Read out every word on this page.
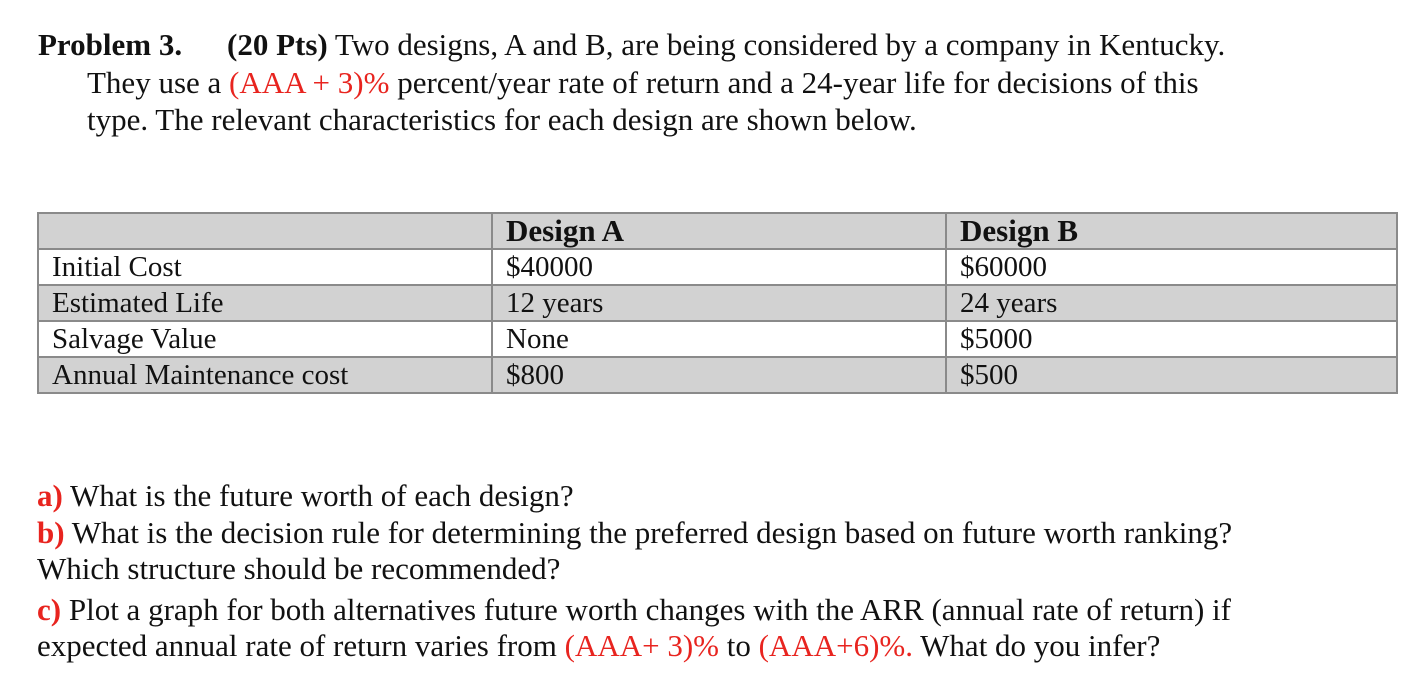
Problem 3. (20 Pts) Two designs, A and B, are being considered by a company in Kentucky.
They use a (AAA + 3)% percent/year rate of return and a 24-year life for decisions of this
type. The relevant characteristics for each design are shown below.
	Design A	Design B
Initial Cost	$40000	$60000
Estimated Life	12 years	24 years
Salvage Value	None	$5000
Annual Maintenance cost	$800	$500
a) What is the future worth of each design?
b) What is the decision rule for determining the preferred design based on future worth ranking?
Which structure should be recommended?
c) Plot a graph for both alternatives future worth changes with the ARR (annual rate of return) if
expected annual rate of return varies from (AAA+ 3)% to (AAA+6)%. What do you infer?
